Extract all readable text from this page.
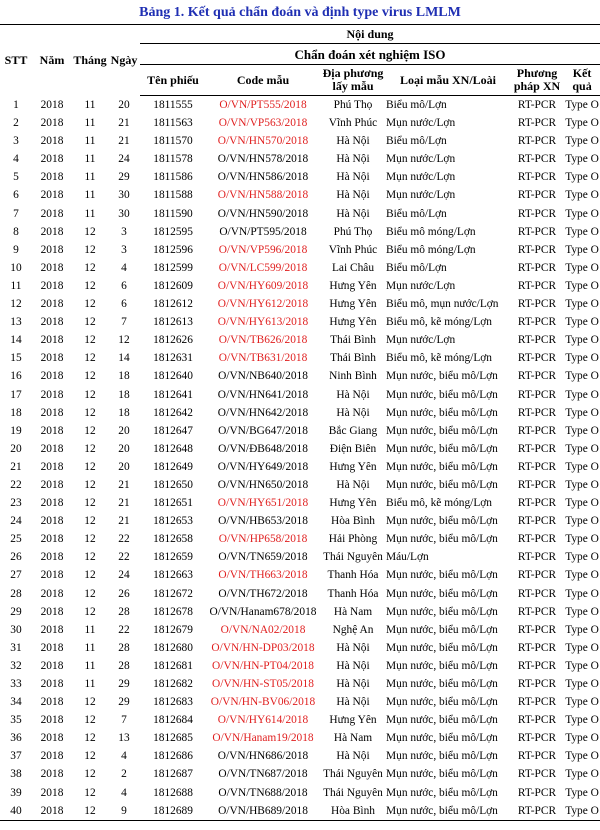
Bảng 1. Kết quả chẩn đoán và định type virus LMLM
STT	Năm	Tháng	Ngày	Nội dung					
				Chẩn đoán xét nghiệm ISO					
				Tên phiếu	Code mẫu	Địa phương
lấy mẫu	Loại mẫu XN/Loài	Phương
pháp XN	Kết
quả
1	2018	11	20	1811555	O/VN/PT555/2018	Phú Thọ	Biểu mô/Lợn	RT-PCR	Type O
2	2018	11	21	1811563	O/VN/VP563/2018	Vĩnh Phúc	Mụn nước/Lợn	RT-PCR	Type O
3	2018	11	21	1811570	O/VN/HN570/2018	Hà Nội	Biểu mô/Lợn	RT-PCR	Type O
4	2018	11	24	1811578	O/VN/HN578/2018	Hà Nội	Mụn nước/Lợn	RT-PCR	Type O
5	2018	11	29	1811586	O/VN/HN586/2018	Hà Nội	Mụn nước/Lợn	RT-PCR	Type O
6	2018	11	30	1811588	O/VN/HN588/2018	Hà Nội	Mụn nước/Lợn	RT-PCR	Type O
7	2018	11	30	1811590	O/VN/HN590/2018	Hà Nội	Biểu mô/Lợn	RT-PCR	Type O
8	2018	12	3	1812595	O/VN/PT595/2018	Phú Thọ	Biểu mô móng/Lợn	RT-PCR	Type O
9	2018	12	3	1812596	O/VN/VP596/2018	Vĩnh Phúc	Biểu mô móng/Lợn	RT-PCR	Type O
10	2018	12	4	1812599	O/VN/LC599/2018	Lai Châu	Biểu mô/Lợn	RT-PCR	Type O
11	2018	12	6	1812609	O/VN/HY609/2018	Hưng Yên	Mụn nước/Lợn	RT-PCR	Type O
12	2018	12	6	1812612	O/VN/HY612/2018	Hưng Yên	Biểu mô, mụn nước/Lợn	RT-PCR	Type O
13	2018	12	7	1812613	O/VN/HY613/2018	Hưng Yên	Biểu mô, kẽ móng/Lợn	RT-PCR	Type O
14	2018	12	12	1812626	O/VN/TB626/2018	Thái Bình	Mụn nước/Lợn	RT-PCR	Type O
15	2018	12	14	1812631	O/VN/TB631/2018	Thái Bình	Biểu mô, kẽ móng/Lợn	RT-PCR	Type O
16	2018	12	18	1812640	O/VN/NB640/2018	Ninh Bình	Mụn nước, biểu mô/Lợn	RT-PCR	Type O
17	2018	12	18	1812641	O/VN/HN641/2018	Hà Nội	Mụn nước, biểu mô/Lợn	RT-PCR	Type O
18	2018	12	18	1812642	O/VN/HN642/2018	Hà Nội	Mụn nước, biểu mô/Lợn	RT-PCR	Type O
19	2018	12	20	1812647	O/VN/BG647/2018	Bắc Giang	Mụn nước, biểu mô/Lợn	RT-PCR	Type O
20	2018	12	20	1812648	O/VN/ĐB648/2018	Điện Biên	Mụn nước, biểu mô/Lợn	RT-PCR	Type O
21	2018	12	20	1812649	O/VN/HY649/2018	Hưng Yên	Mụn nước, biểu mô/Lợn	RT-PCR	Type O
22	2018	12	21	1812650	O/VN/HN650/2018	Hà Nội	Mụn nước, biểu mô/Lợn	RT-PCR	Type O
23	2018	12	21	1812651	O/VN/HY651/2018	Hưng Yên	Biểu mô, kẽ móng/Lợn	RT-PCR	Type O
24	2018	12	21	1812653	O/VN/HB653/2018	Hòa Bình	Mụn nước, biểu mô/Lợn	RT-PCR	Type O
25	2018	12	22	1812658	O/VN/HP658/2018	Hải Phòng	Mụn nước, biểu mô/Lợn	RT-PCR	Type O
26	2018	12	22	1812659	O/VN/TN659/2018	Thái Nguyên	Máu/Lợn	RT-PCR	Type O
27	2018	12	24	1812663	O/VN/TH663/2018	Thanh Hóa	Mụn nước, biểu mô/Lợn	RT-PCR	Type O
28	2018	12	26	1812672	O/VN/TH672/2018	Thanh Hóa	Mụn nước, biểu mô/Lợn	RT-PCR	Type O
29	2018	12	28	1812678	O/VN/Hanam678/2018	Hà Nam	Mụn nước, biểu mô/Lợn	RT-PCR	Type O
30	2018	11	22	1812679	O/VN/NA02/2018	Nghệ An	Mụn nước, biểu mô/Lợn	RT-PCR	Type O
31	2018	11	28	1812680	O/VN/HN-DP03/2018	Hà Nội	Mụn nước, biểu mô/Lợn	RT-PCR	Type O
32	2018	11	28	1812681	O/VN/HN-PT04/2018	Hà Nội	Mụn nước, biểu mô/Lợn	RT-PCR	Type O
33	2018	11	29	1812682	O/VN/HN-ST05/2018	Hà Nội	Mụn nước, biểu mô/Lợn	RT-PCR	Type O
34	2018	12	29	1812683	O/VN/HN-BV06/2018	Hà Nội	Mụn nước, biểu mô/Lợn	RT-PCR	Type O
35	2018	12	7	1812684	O/VN/HY614/2018	Hưng Yên	Mụn nước, biểu mô/Lợn	RT-PCR	Type O
36	2018	12	13	1812685	O/VN/Hanam19/2018	Hà Nam	Mụn nước, biểu mô/Lợn	RT-PCR	Type O
37	2018	12	4	1812686	O/VN/HN686/2018	Hà Nội	Mụn nước, biểu mô/Lợn	RT-PCR	Type O
38	2018	12	2	1812687	O/VN/TN687/2018	Thái Nguyên	Mụn nước, biểu mô/Lợn	RT-PCR	Type O
39	2018	12	4	1812688	O/VN/TN688/2018	Thái Nguyên	Mụn nước, biểu mô/Lợn	RT-PCR	Type O
40	2018	12	9	1812689	O/VN/HB689/2018	Hòa Bình	Mụn nước, biểu mô/Lợn	RT-PCR	Type O
